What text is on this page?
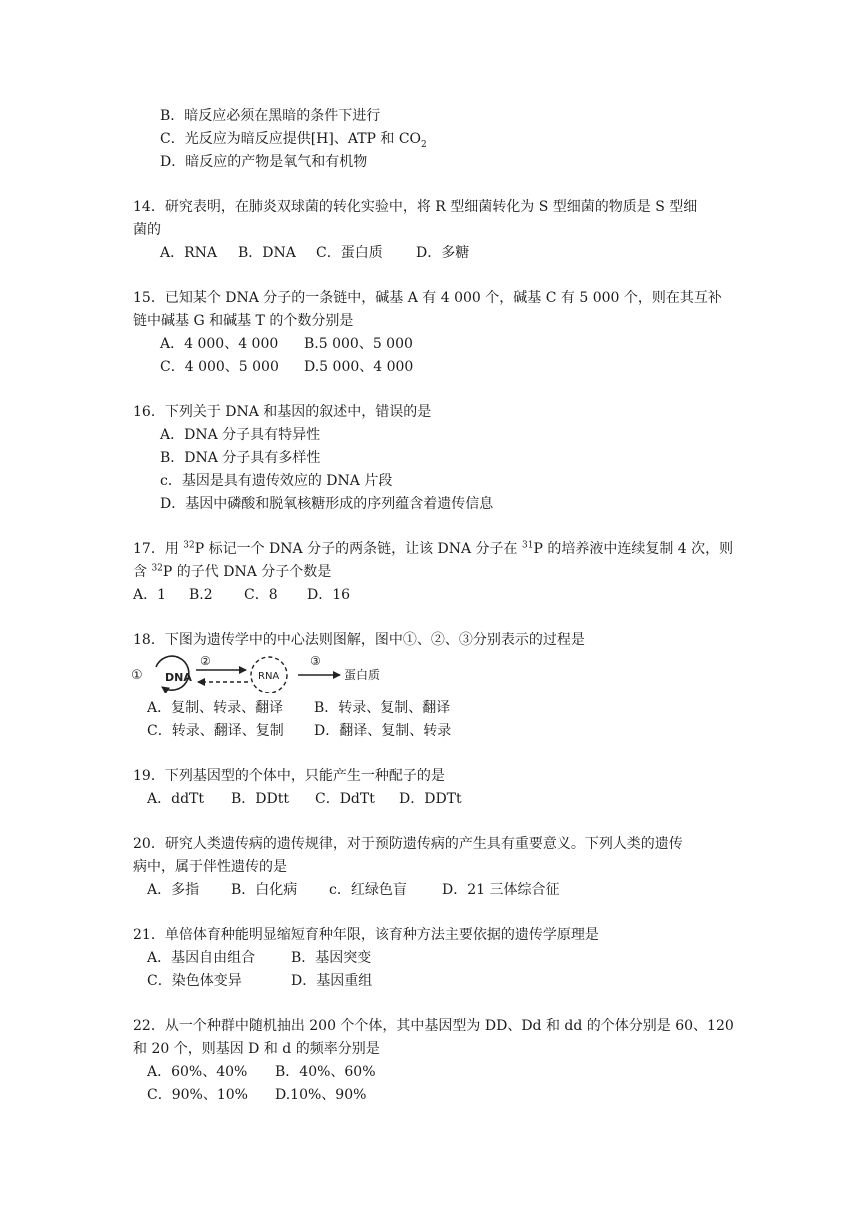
B．暗反应必须在黑暗的条件下进行
C．光反应为暗反应提供[H]、ATP 和 $CO_2$
D．暗反应的产物是氧气和有机物
14．研究表明，在肺炎双球菌的转化实验中，将 R 型细菌转化为 S 型细菌的物质是 S 型细
菌的
A．RNA B．DNA C．蛋白质 D．多糖
15．已知某个 DNA 分子的一条链中，碱基 A 有 4 000 个，碱基 C 有 5 000 个，则在其互补
链中碱基 G 和碱基 T 的个数分别是
A．4 000、4 000 B.5 000、5 000
C．4 000、5 000 D.5 000、4 000
16．下列关于 DNA 和基因的叙述中，错误的是
A．DNA 分子具有特异性
B．DNA 分子具有多样性
c．基因是具有遗传效应的 DNA 片段
D．基因中磷酸和脱氧核糖形成的序列蕴含着遗传信息
17．用 $^{32}$P 标记一个 DNA 分子的两条链，让该 DNA 分子在 $^{31}$P 的培养液中连续复制 4 次，则
含 $^{32}$P 的子代 DNA 分子个数是
A．1 B.2 C．8 D．16
18．下图为遗传学中的中心法则图解，图中①、②、③分别表示的过程是
① DNA
②
RNA
③
蛋白质
A．复制、转录、翻译 B．转录、复制、翻译
C．转录、翻译、复制 D．翻译、复制、转录
19．下列基因型的个体中，只能产生一种配子的是
A．ddTt B．DDtt C．DdTt D．DDTt
20．研究人类遗传病的遗传规律，对于预防遗传病的产生具有重要意义。下列人类的遗传
病中，属于伴性遗传的是
A．多指 B．白化病 c．红绿色盲	D．21 三体综合征
21．单倍体育种能明显缩短育种年限，该育种方法主要依据的遗传学原理是
A．基因自由组合	B．基因突变
C．染色体变异	D．基因重组
22．从一个种群中随机抽出 200 个个体，其中基因型为 DD、Dd 和 dd 的个体分别是 60、120
和 20 个，则基因 D 和 d 的频率分别是
A．60%、40% B．40%、60%
C．90%、10% D.10%、90%
